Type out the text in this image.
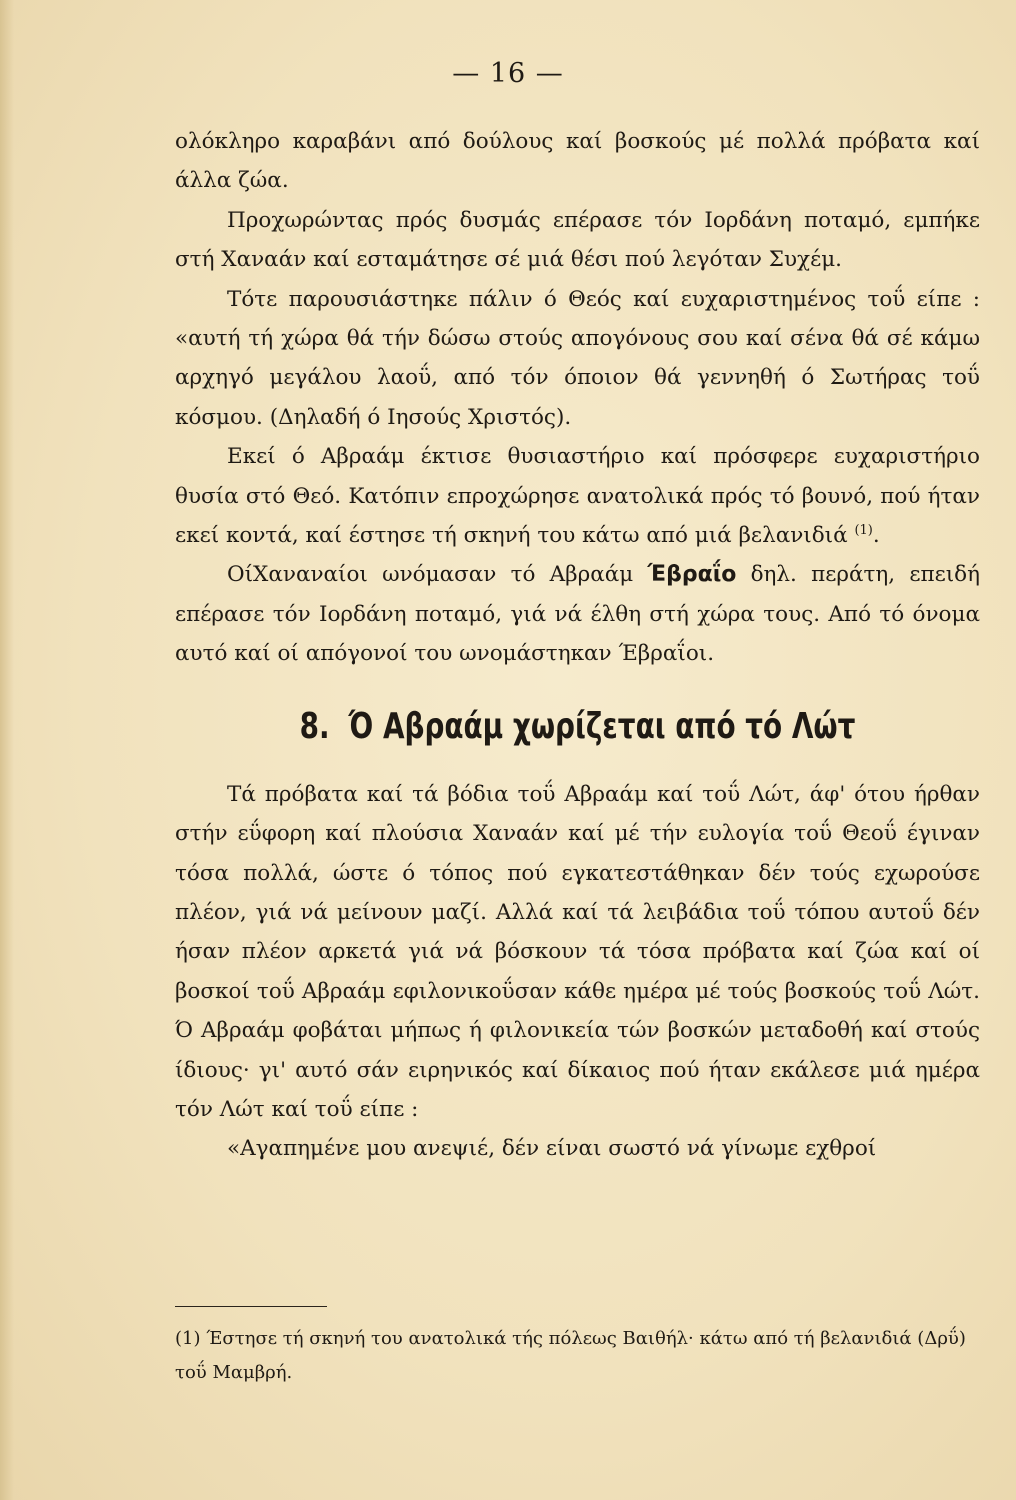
— 16 —

ολόκληρο καραβάνι από δούλους καί βοσκούς μέ πολλά πρόβατα καί άλλα ζώα.

Προχωρώντας πρός δυσμάς επέρασε τόν Ιορδάνη ποταμό, εμπήκε στή Χαναάν καί εσταμάτησε σέ μιά θέσι πού λεγόταν Συχέμ.

Τότε παρουσιάστηκε πάλιν ό Θεός καί ευχαριστημένος τοΰ είπε : «αυτή τή χώρα θά τήν δώσω στούς απογόνους σου καί σένα θά σέ κάμω αρχηγό μεγάλου λαοΰ, από τόν όποιον θά γεννηθή ό Σωτήρας τοΰ κόσμου. (Δηλαδή ό Ιησούς Χριστός).

Εκεί ό Αβραάμ έκτισε θυσιαστήριο καί πρόσφερε ευχαριστήριο θυσία στό Θεό. Κατόπιν επροχώρησε ανατολικά πρός τό βουνό, πού ήταν εκεί κοντά, καί έστησε τή σκηνή του κάτω από μιά βελανιδιά $^{(1)}$.

ΟίΧαναναίοι ωνόμασαν τό Αβραάμ Έβραΐο δηλ. περάτη, επειδή επέρασε τόν Ιορδάνη ποταμό, γιά νά έλθη στή χώρα τους. Από τό όνομα αυτό καί οί απόγονοί του ωνομάστηκαν Έβραΐοι.

8. Ό Αβραάμ χωρίζεται από τό Λώτ

Τά πρόβατα καί τά βόδια τοΰ Αβραάμ καί τοΰ Λώτ, άφ' ότου ήρθαν στήν εΰφορη καί πλούσια Χαναάν καί μέ τήν ευλογία τοΰ Θεοΰ έγιναν τόσα πολλά, ώστε ό τόπος πού εγκατεστάθηκαν δέν τούς εχωρούσε πλέον, γιά νά μείνουν μαζί. Αλλά καί τά λειβάδια τοΰ τόπου αυτοΰ δέν ήσαν πλέον αρκετά γιά νά βόσκουν τά τόσα πρόβατα καί ζώα καί οί βοσκοί τοΰ Αβραάμ εφιλονικοΰσαν κάθε ημέρα μέ τούς βοσκούς τοΰ Λώτ. Ό Αβραάμ φοβάται μήπως ή φιλονικεία τών βοσκών μεταδοθή καί στούς ίδιους· γι' αυτό σάν ειρηνικός καί δίκαιος πού ήταν εκάλεσε μιά ημέρα τόν Λώτ καί τοΰ είπε :

«Αγαπημένε μου ανεψιέ, δέν είναι σωστό νά γίνωμε εχθροί

(1) Έστησε τή σκηνή του ανατολικά τής πόλεως Βαιθήλ· κάτω από τή βελανιδιά (Δρΰ) τοΰ Μαμβρή.
